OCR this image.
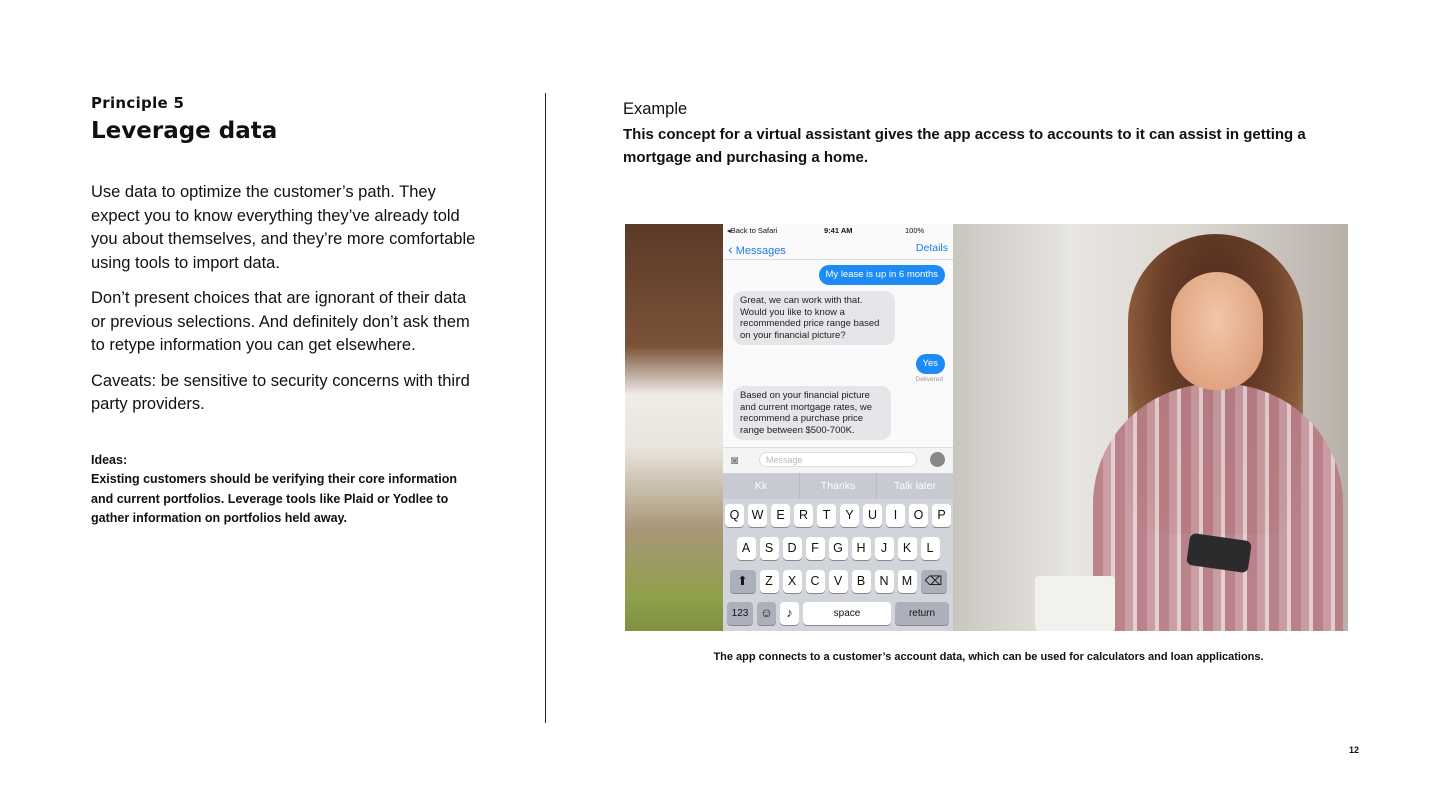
Principle 5
Leverage data
Use data to optimize the customer’s path. They expect you to know everything they’ve already told you about themselves, and they’re more comfortable using tools to import data.
Don’t present choices that are ignorant of their data or previous selections. And definitely don’t ask them to retype information you can get elsewhere.
Caveats: be sensitive to security concerns with third party providers.
Ideas:
Existing customers should be verifying their core information and current portfolios. Leverage tools like Plaid or Yodlee to gather information on portfolios held away.
Example
This concept for a virtual assistant gives the app access to accounts to it can assist in getting a mortgage and purchasing a home.
◂Back to Safari	9:41 AM	100%
‹ Messages	Details
My lease is up in 6 months
Great, we can work with that. Would you like to know a recommended price range based on your financial picture?
Yes
Delivered
Based on your financial picture and current mortgage rates, we recommend a purchase price range between $500-700K.
◙	Message
Kk	Thanks	Talk later
Q W	E	R	T	Y	U	I	O	P
A	S	D	F	G	H	J	K	L
⬆	Z	X	C	V	B	N	M ⌫
123 ☺	♪	space	return
The app connects to a customer’s account data, which can be used for calculators and loan applications.
12
